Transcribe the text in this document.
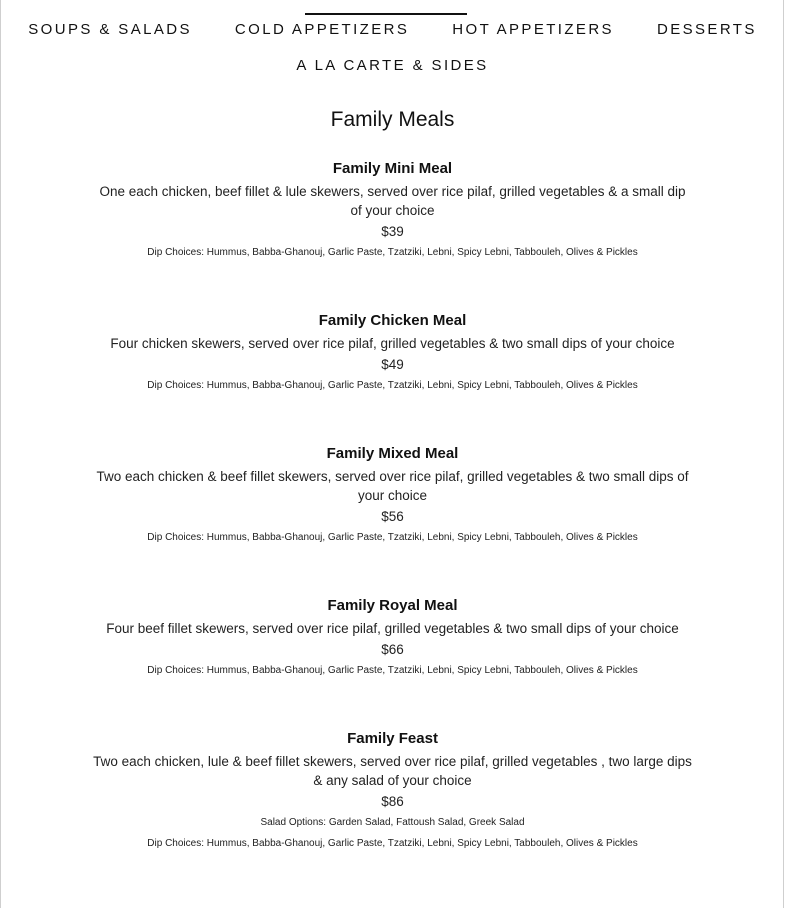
SOUPS & SALADS	COLD APPETIZERS	HOT APPETIZERS	DESSERTS
A LA CARTE & SIDES
Family Meals
Family Mini Meal
One each chicken, beef fillet & lule skewers, served over rice pilaf, grilled vegetables & a small dip of your choice
$39
Dip Choices: Hummus, Babba-Ghanouj, Garlic Paste, Tzatziki, Lebni, Spicy Lebni, Tabbouleh, Olives & Pickles
Family Chicken Meal
Four chicken skewers, served over rice pilaf, grilled vegetables & two small dips of your choice
$49
Dip Choices: Hummus, Babba-Ghanouj, Garlic Paste, Tzatziki, Lebni, Spicy Lebni, Tabbouleh, Olives & Pickles
Family Mixed Meal
Two each chicken & beef fillet skewers, served over rice pilaf, grilled vegetables & two small dips of your choice
$56
Dip Choices: Hummus, Babba-Ghanouj, Garlic Paste, Tzatziki, Lebni, Spicy Lebni, Tabbouleh, Olives & Pickles
Family Royal Meal
Four beef fillet skewers, served over rice pilaf, grilled vegetables & two small dips of your choice
$66
Dip Choices: Hummus, Babba-Ghanouj, Garlic Paste, Tzatziki, Lebni, Spicy Lebni, Tabbouleh, Olives & Pickles
Family Feast
Two each chicken, lule & beef fillet skewers, served over rice pilaf, grilled vegetables , two large dips & any salad of your choice
$86
Salad Options: Garden Salad, Fattoush Salad, Greek Salad
Dip Choices: Hummus, Babba-Ghanouj, Garlic Paste, Tzatziki, Lebni, Spicy Lebni, Tabbouleh, Olives & Pickles
